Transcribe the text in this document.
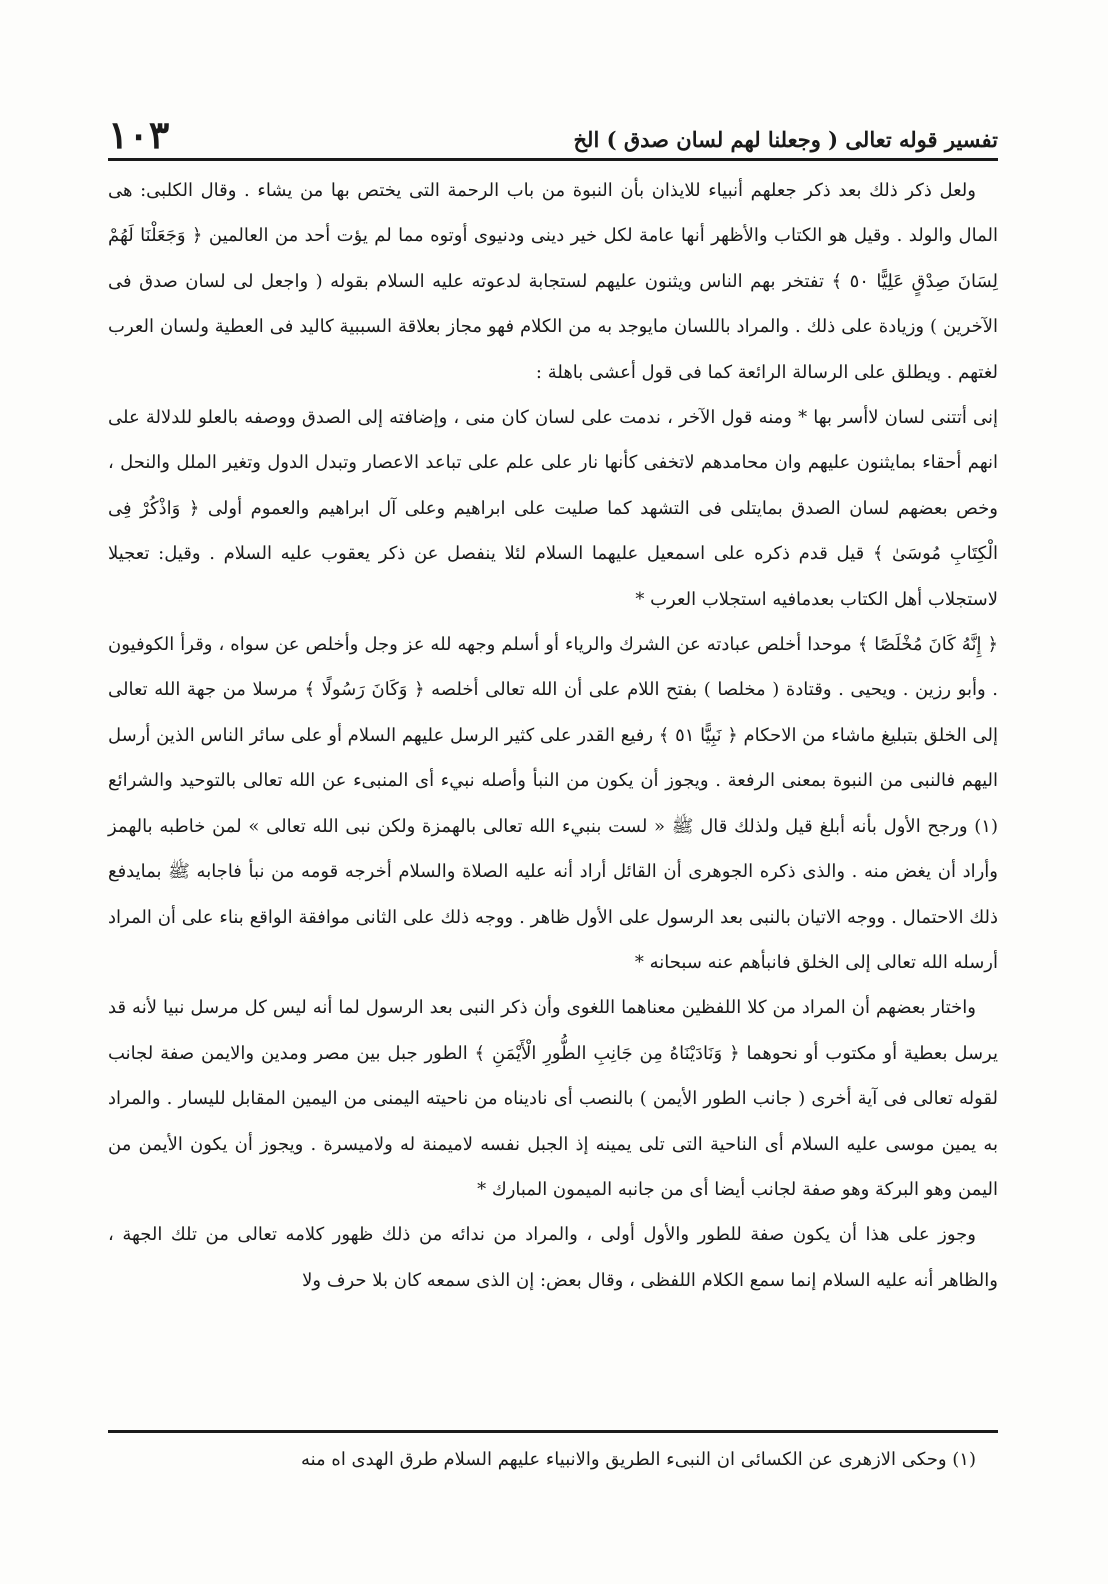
تفسير قوله تعالى ( وجعلنا لهم لسان صدق ) الخ
١٠٣

ولعل ذكر ذلك بعد ذكر جعلهم أنبياء للايذان بأن النبوة من باب الرحمة التى يختص بها من يشاء . وقال الكلبى: هى المال والولد . وقيل هو الكتاب والأظهر أنها عامة لكل خير دينى ودنيوى أوتوه مما لم يؤت أحد من العالمين ﴿ وَجَعَلْنَا لَهُمْ لِسَانَ صِدْقٍ عَلِيًّا ٥٠ ﴾ تفتخر بهم الناس ويثنون عليهم لستجابة لدعوته عليه السلام بقوله ( واجعل لى لسان صدق فى الآخرين ) وزيادة على ذلك . والمراد باللسان مايوجد به من الكلام فهو مجاز بعلاقة السببية كاليد فى العطية ولسان العرب لغتهم . ويطلق على الرسالة الرائعة كما فى قول أعشى باهلة :

إنى أتتنى لسان لاأسر بها * ومنه قول الآخر ، ندمت على لسان كان منى ، وإضافته إلى الصدق ووصفه بالعلو للدلالة على انهم أحقاء بمايثنون عليهم وان محامدهم لاتخفى كأنها نار على علم على تباعد الاعصار وتبدل الدول وتغير الملل والنحل ، وخص بعضهم لسان الصدق بمايتلى فى التشهد كما صليت على ابراهيم وعلى آل ابراهيم والعموم أولى ﴿ وَاذْكُرْ فِى الْكِتَابِ مُوسَىٰ ﴾ قيل قدم ذكره على اسمعيل عليهما السلام لئلا ينفصل عن ذكر يعقوب عليه السلام . وقيل: تعجيلا لاستجلاب أهل الكتاب بعدمافيه استجلاب العرب *

﴿ إِنَّهُ كَانَ مُخْلَصًا ﴾ موحدا أخلص عبادته عن الشرك والرياء أو أسلم وجهه لله عز وجل وأخلص عن سواه ، وقرأ الكوفيون . وأبو رزين . ويحيى . وقتادة ( مخلصا ) بفتح اللام على أن الله تعالى أخلصه ﴿ وَكَانَ رَسُولًا ﴾ مرسلا من جهة الله تعالى إلى الخلق بتبليغ ماشاء من الاحكام ﴿ نَبِيًّا ٥١ ﴾ رفيع القدر على كثير الرسل عليهم السلام أو على سائر الناس الذين أرسل اليهم فالنبى من النبوة بمعنى الرفعة . ويجوز أن يكون من النبأ وأصله نبيء أى المنبىء عن الله تعالى بالتوحيد والشرائع (١) ورجح الأول بأنه أبلغ قيل ولذلك قال ﷺ « لست بنبيء الله تعالى بالهمزة ولكن نبى الله تعالى » لمن خاطبه بالهمز وأراد أن يغض منه . والذى ذكره الجوهرى أن القائل أراد أنه عليه الصلاة والسلام أخرجه قومه من نبأ فاجابه ﷺ بمايدفع ذلك الاحتمال . ووجه الاتيان بالنبى بعد الرسول على الأول ظاهر . ووجه ذلك على الثانى موافقة الواقع بناء على أن المراد أرسله الله تعالى إلى الخلق فانبأهم عنه سبحانه *

واختار بعضهم أن المراد من كلا اللفظين معناهما اللغوى وأن ذكر النبى بعد الرسول لما أنه ليس كل مرسل نبيا لأنه قد يرسل بعطية أو مكتوب أو نحوهما ﴿ وَنَادَيْنَاهُ مِن جَانِبِ الطُّورِ الْأَيْمَنِ ﴾ الطور جبل بين مصر ومدين والايمن صفة لجانب لقوله تعالى فى آية أخرى ( جانب الطور الأيمن ) بالنصب أى ناديناه من ناحيته اليمنى من اليمين المقابل لليسار . والمراد به يمين موسى عليه السلام أى الناحية التى تلى يمينه إذ الجبل نفسه لاميمنة له ولاميسرة . ويجوز أن يكون الأيمن من اليمن وهو البركة وهو صفة لجانب أيضا أى من جانبه الميمون المبارك *

وجوز على هذا أن يكون صفة للطور والأول أولى ، والمراد من ندائه من ذلك ظهور كلامه تعالى من تلك الجهة ، والظاهر أنه عليه السلام إنما سمع الكلام اللفظى ، وقال بعض: إن الذى سمعه كان بلا حرف ولا

(١) وحكى الازهرى عن الكسائى ان النبىء الطريق والانبياء عليهم السلام طرق الهدى اه منه
